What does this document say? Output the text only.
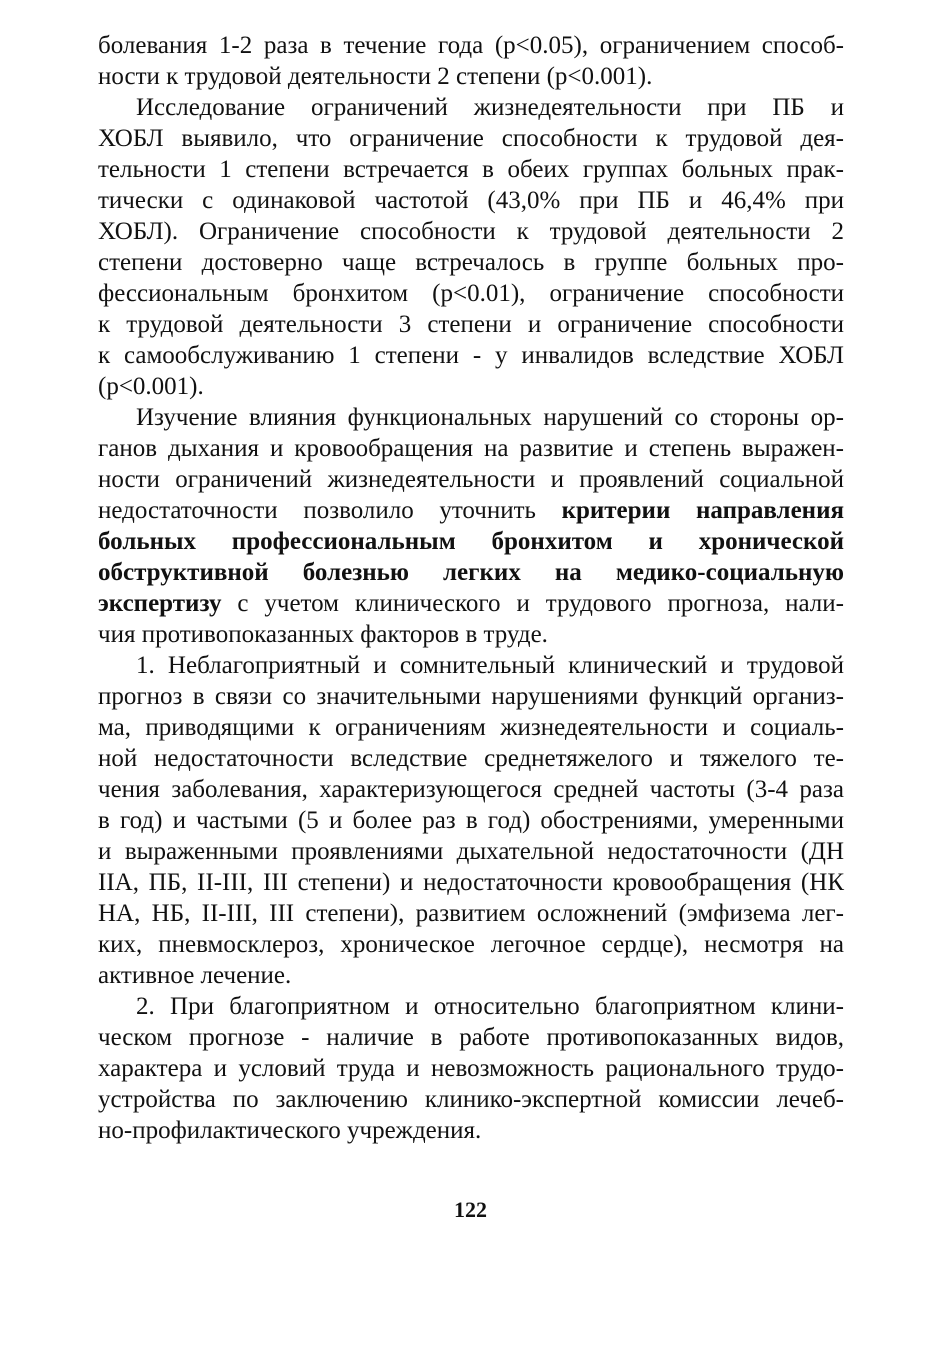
болевания 1-2 раза в течение года (р<0.05), ограничением способ-
ности к трудовой деятельности 2 степени (р<0.001).
Исследование ограничений жизнедеятельности при ПБ и
ХОБЛ выявило, что ограничение способности к трудовой дея-
тельности 1 степени встречается в обеих группах больных прак-
тически с одинаковой частотой (43,0% при ПБ и 46,4% при
ХОБЛ). Ограничение способности к трудовой деятельности 2
степени достоверно чаще встречалось в группе больных про-
фессиональным бронхитом (р<0.01), ограничение способности
к трудовой деятельности 3 степени и ограничение способности
к самообслуживанию 1 степени - у инвалидов вследствие ХОБЛ
(р<0.001).
Изучение влияния функциональных нарушений со стороны ор-
ганов дыхания и кровообращения на развитие и степень выражен-
ности ограничений жизнедеятельности и проявлений социальной
недостаточности позволило уточнить критерии направления
больных профессиональным бронхитом и хронической
обструктивной болезнью легких на медико-социальную
экспертизу с учетом клинического и трудового прогноза, нали-
чия противопоказанных факторов в труде.
1. Неблагоприятный и сомнительный клинический и трудовой
прогноз в связи со значительными нарушениями функций организ-
ма, приводящими к ограничениям жизнедеятельности и социаль-
ной недостаточности вследствие среднетяжелого и тяжелого те-
чения заболевания, характеризующегося средней частоты (3-4 раза
в год) и частыми (5 и более раз в год) обострениями, умеренными
и выраженными проявлениями дыхательной недостаточности (ДН
IIA, ПБ, II-III, III степени) и недостаточности кровообращения (НК
НА, НБ, II-III, III степени), развитием осложнений (эмфизема лег-
ких, пневмосклероз, хроническое легочное сердце), несмотря на
активное лечение.
2. При благоприятном и относительно благоприятном клини-
ческом прогнозе - наличие в работе противопоказанных видов,
характера и условий труда и невозможность рационального трудо-
устройства по заключению клинико-экспертной комиссии лечеб-
но-профилактического учреждения.
122
